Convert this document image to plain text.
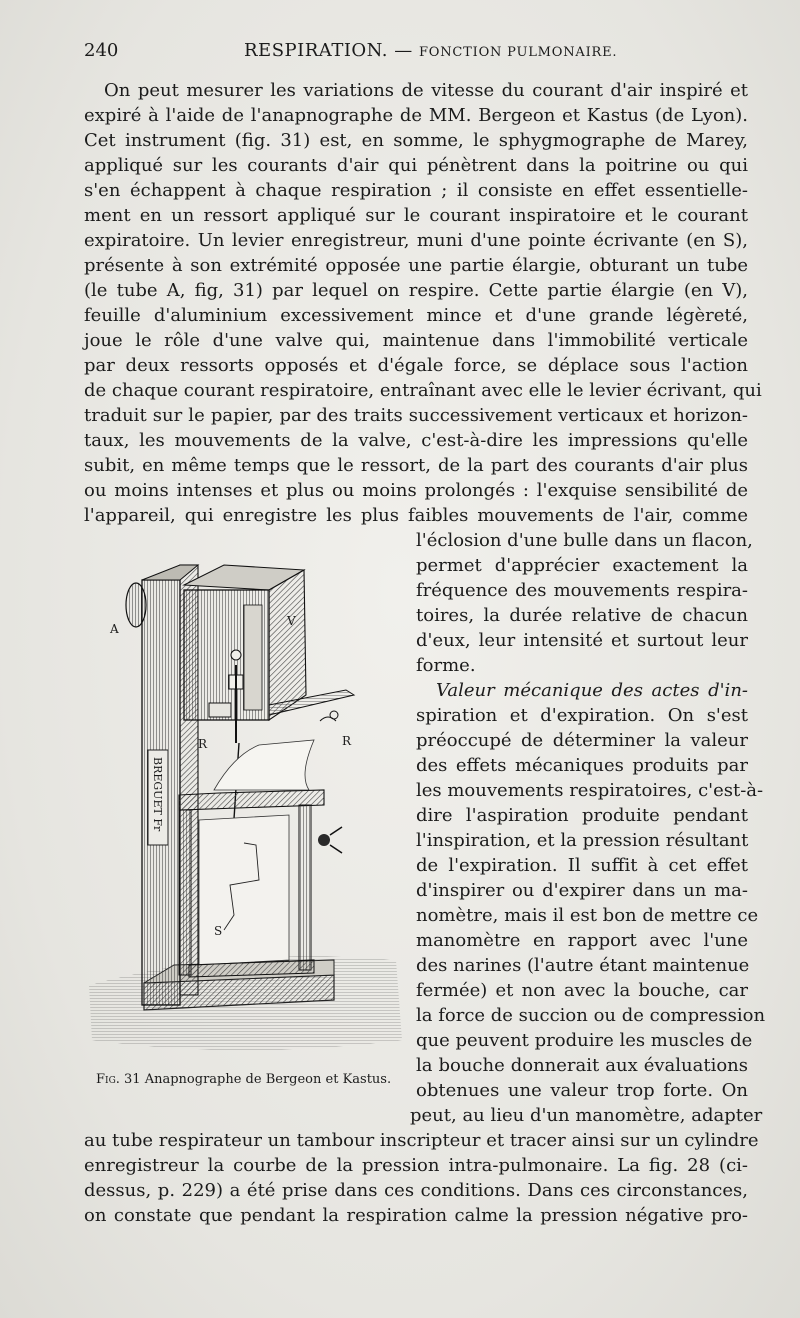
240	RESPIRATION. — FONCTION PULMONAIRE.
On peut mesurer les variations de vitesse du courant d'air inspiré et
expiré à l'aide de l'anapnographe de MM. Bergeon et Kastus (de Lyon).
Cet instrument (fig. 31) est, en somme, le sphygmographe de Marey,
appliqué sur les courants d'air qui pénètrent dans la poitrine ou qui
s'en échappent à chaque respiration ; il consiste en effet essentielle-
ment en un ressort appliqué sur le courant inspiratoire et le courant
expiratoire. Un levier enregistreur, muni d'une pointe écrivante (en S),
présente à son extrémité opposée une partie élargie, obturant un tube
(le tube A, fig, 31) par lequel on respire. Cette partie élargie (en V),
feuille d'aluminium excessivement mince et d'une grande légèreté,
joue le rôle d'une valve qui, maintenue dans l'immobilité verticale
par deux ressorts opposés et d'égale force, se déplace sous l'action
de chaque courant respiratoire, entraînant avec elle le levier écrivant, qui
traduit sur le papier, par des traits successivement verticaux et horizon-
taux, les mouvements de la valve, c'est-à-dire les impressions qu'elle
subit, en même temps que le ressort, de la part des courants d'air plus
ou moins intenses et plus ou moins prolongés : l'exquise sensibilité de
l'appareil, qui enregistre les plus faibles mouvements de l'air, comme
l'éclosion d'une bulle dans un flacon,
permet d'apprécier exactement la
fréquence des mouvements respira-
toires, la durée relative de chacun
d'eux, leur intensité et surtout leur
forme.
Valeur mécanique des actes d'in-
spiration et d'expiration. On s'est
préoccupé de déterminer la valeur
des effets mécaniques produits par
les mouvements respiratoires, c'est-à-
dire l'aspiration produite pendant
l'inspiration, et la pression résultant
de l'expiration. Il suffit à cet effet
d'inspirer ou d'expirer dans un ma-
nomètre, mais il est bon de mettre ce
manomètre en rapport avec l'une
des narines (l'autre étant maintenue
fermée) et non avec la bouche, car
la force de succion ou de compression
que peuvent produire les muscles de
la bouche donnerait aux évaluations
obtenues une valeur trop forte. On
peut, au lieu d'un manomètre, adapter
au tube respirateur un tambour inscripteur et tracer ainsi sur un cylindre
enregistreur la courbe de la pression intra-pulmonaire. La fig. 28 (ci-
dessus, p. 229) a été prise dans ces conditions. Dans ces circonstances,
on constate que pendant la respiration calme la pression négative pro-
BREGUET Fr
A
V
R	R
S
Fig. 31 Anapnographe de Bergeon et Kastus.
